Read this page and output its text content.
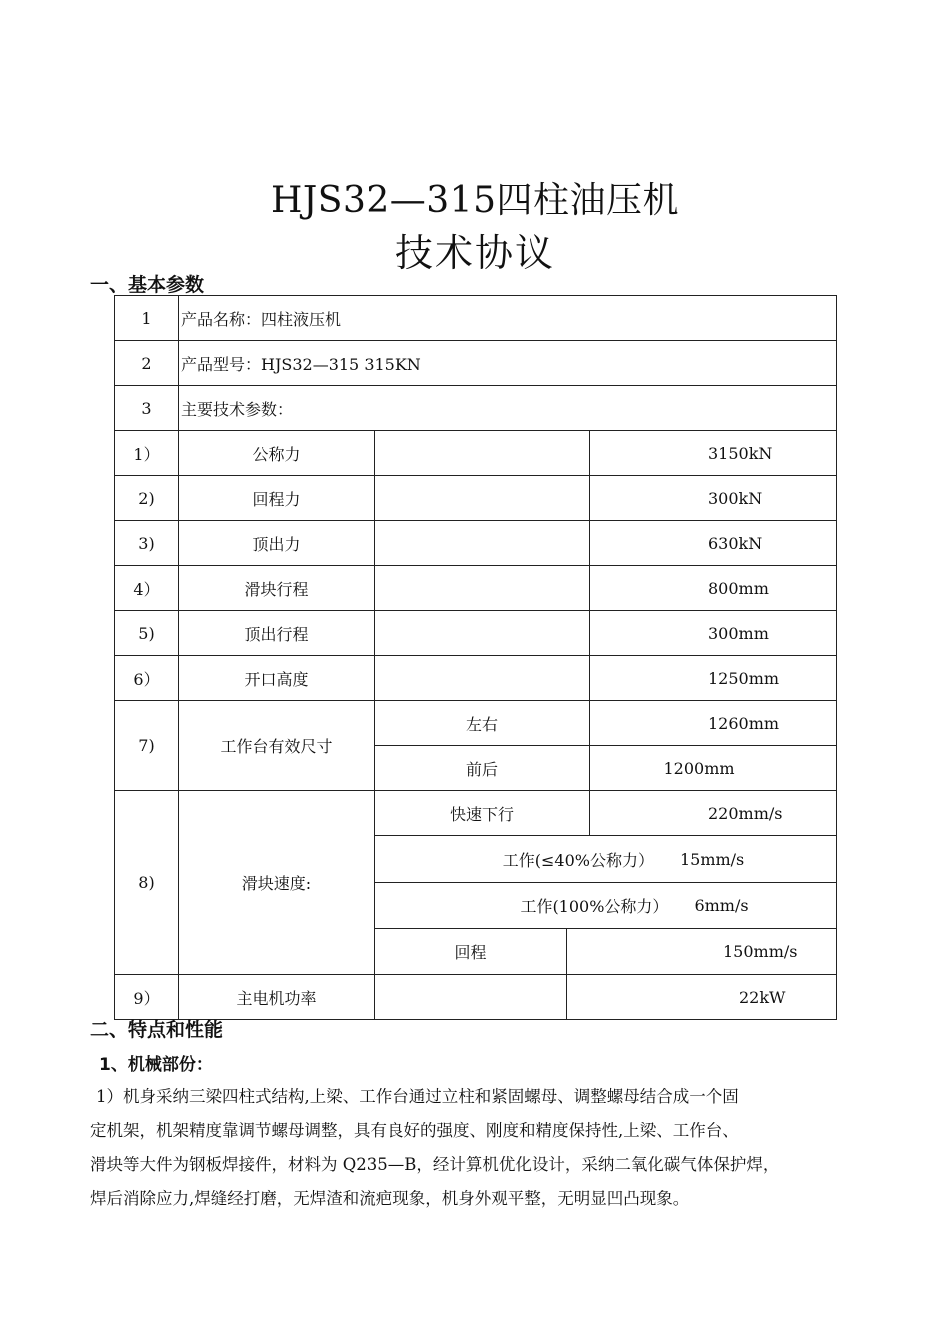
HJS32—315四柱油压机
技术协议
一、基本参数
1	产品名称：四柱液压机			
2	产品型号：HJS32—315 315KN			
3	主要技术参数：			
1）	公称力			3150kN
2)	回程力			300kN
3)	顶出力			630kN
4）	滑块行程			800mm
5)	顶出行程			300mm
6）	开口高度			1250mm
7)	工作台有效尺寸	左右		1260mm
		前后		1200mm
8)	滑块速度:	快速下行		220mm/s

		工作(≤40%公称力） 15mm/s		

		工作(100%公称力） 6mm/s		

		回程	150mm/s	
9）	主电机功率		22kW	
二、特点和性能
1、机械部份：
1）机身采纳三梁四柱式结构,上梁、工作台通过立柱和紧固螺母、调整螺母结合成一个固
定机架，机架精度靠调节螺母调整，具有良好的强度、刚度和精度保持性,上梁、工作台、
滑块等大件为钢板焊接件，材料为 Q235—B，经计算机优化设计，采纳二氧化碳气体保护焊，
焊后消除应力,焊缝经打磨，无焊渣和流疤现象，机身外观平整，无明显凹凸现象。
